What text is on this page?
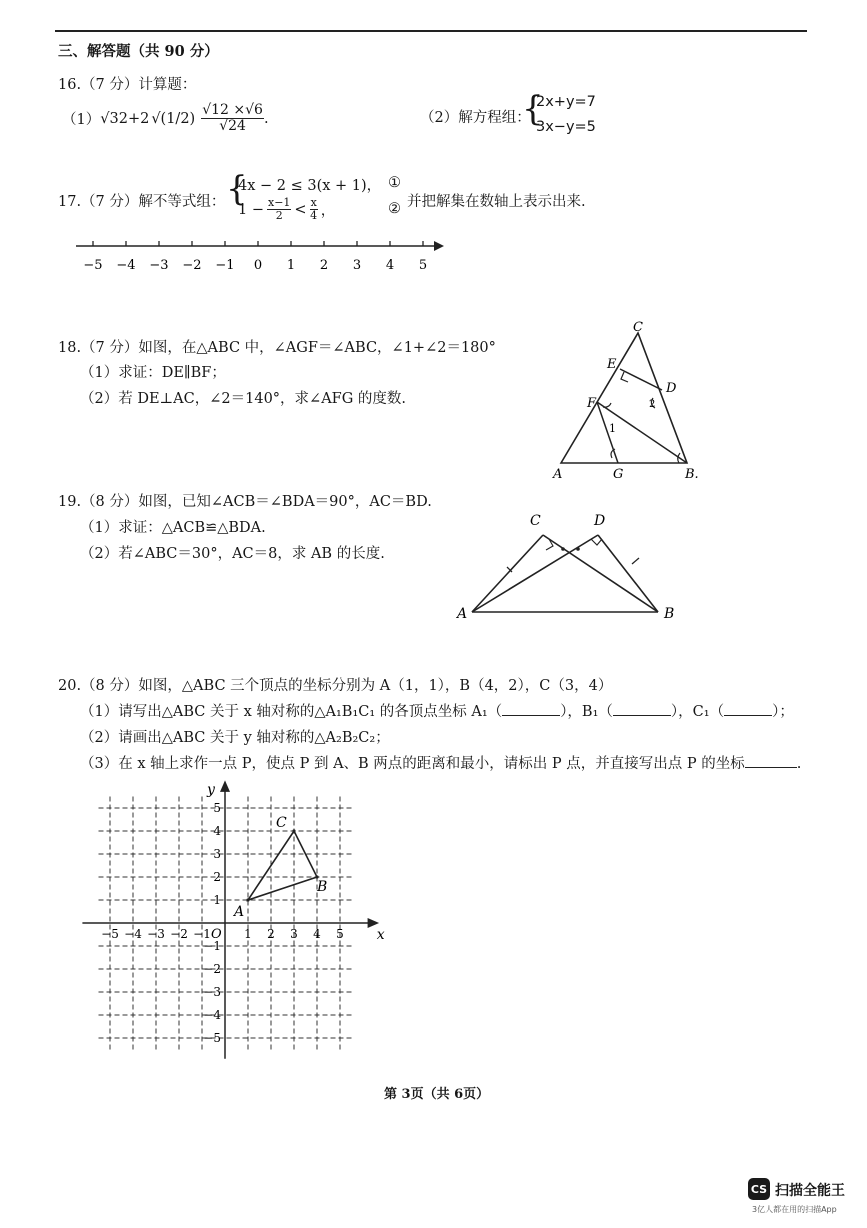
三、解答题（共 90 分）
16.（7 分）计算题：
（1） √32 +2 $√(1/2) \frac{√12 \times√6}{√24}$ .	（2）解方程组：
{
2x+y=7
3x−y=5
17.（7 分）解不等式组： {
4x − 2 ≤ 3(x + 1)，
$1 - \frac{x-1}{2} < \frac{x}{4}$ ，
①
② 并把解集在数轴上表示出来.
−5 −4 −3 −2 −1 0 1 2 3 4 5
18.（7 分）如图，在△ABC 中，∠AGF＝∠ABC，∠1+∠2＝180°
（1）求证：DE∥BF；
（2）若 DE⊥AC，∠2＝140°，求∠AFG 的度数.
C
E
D
F
1
2
A	G	B.
19.（8 分）如图，已知∠ACB＝∠BDA＝90°，AC＝BD.
（1）求证：△ACB≌△BDA.
（2）若∠ABC＝30°，AC＝8，求 AB 的长度.
C	D
A	B
20.（8 分）如图，△ABC 三个顶点的坐标分别为 A（1，1），B（4，2），C（3，4）
（1）请写出△ABC 关于 x 轴对称的△A₁B₁C₁ 的各顶点坐标 A₁（	），B₁（	），C₁（	）；
（2）请画出△ABC 关于 y 轴对称的△A₂B₂C₂；
（3）在 x 轴上求作一点 P，使点 P 到 A、B 两点的距离和最小，请标出 P 点，并直接写出点 P 的坐标	.
x
y
O
−5 −4 −3 −2 −1	1 2 3 4 5
5
4
3
2
1
−1
−2
−3
−4
−5
A
B
C
第 3页（共 6页）
CS 扫描全能王
3亿人都在用的扫描App
